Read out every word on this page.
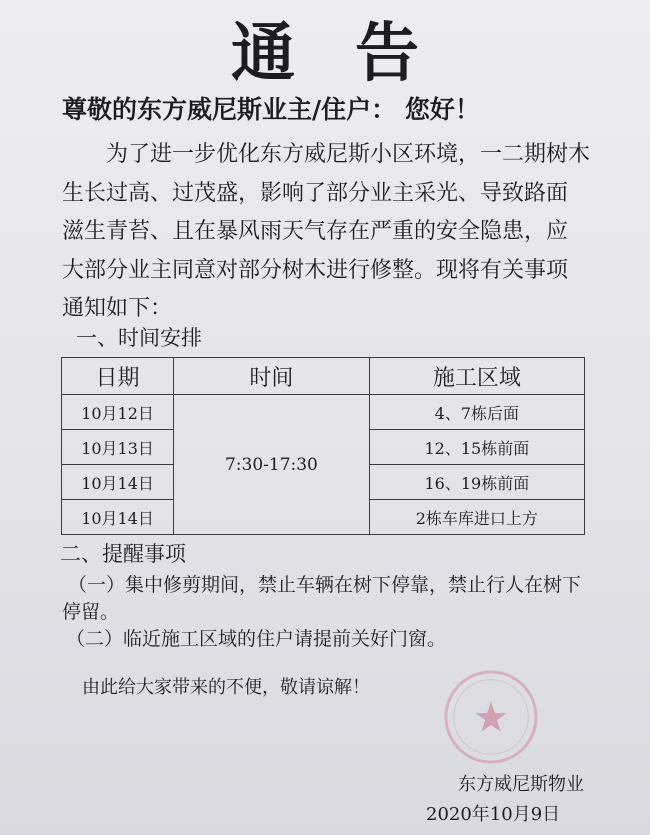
通告
尊敬的东方威尼斯业主/住户： 您好！
为了进一步优化东方威尼斯小区环境，一二期树木
生长过高、过茂盛，影响了部分业主采光、导致路面
滋生青苔、且在暴风雨天气存在严重的安全隐患，应
大部分业主同意对部分树木进行修整。现将有关事项
通知如下：
一、时间安排
日期	时间	施工区域
10月12日	7:30-17:30	4、7栋后面
10月13日		12、15栋前面
10月14日		16、19栋前面
10月14日		2栋车库进口上方
二、提醒事项
（一）集中修剪期间，禁止车辆在树下停靠，禁止行人在树下
停留。
（二）临近施工区域的住户请提前关好门窗。
由此给大家带来的不便，敬请谅解！
东方威尼斯物业
2020年10月9日
